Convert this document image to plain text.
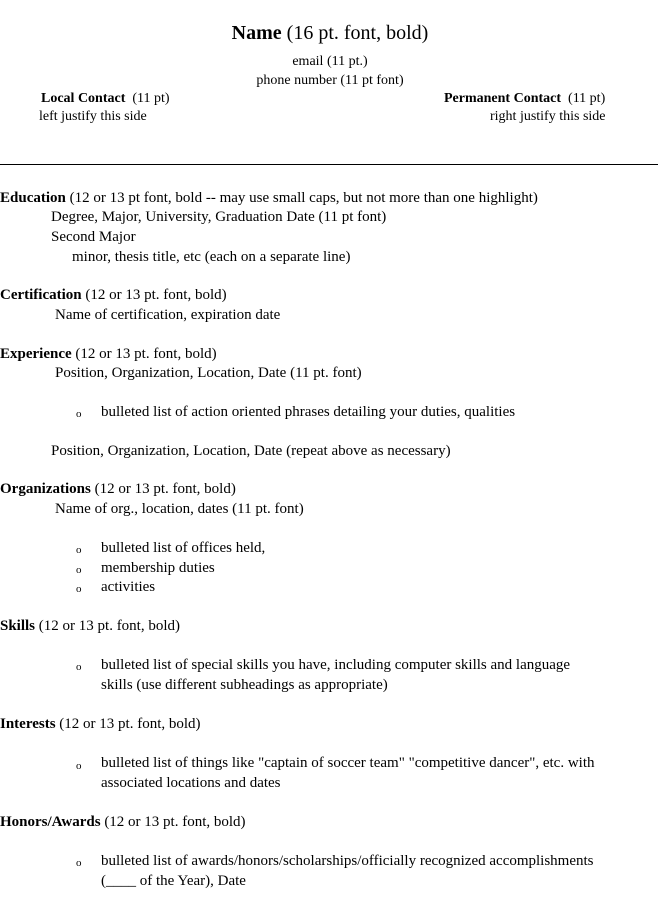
Name (16 pt. font, bold)
email (11 pt.)
phone number (11 pt font)
Local Contact (11 pt)
left justify this side
Permanent Contact (11 pt)
right justify this side
Education (12 or 13 pt font, bold -- may use small caps, but not more than one highlight)
Degree, Major, University, Graduation Date (11 pt font)
Second Major
minor, thesis title, etc (each on a separate line)
Certification (12 or 13 pt. font, bold)
Name of certification, expiration date
Experience (12 or 13 pt. font, bold)
Position, Organization, Location, Date (11 pt. font)
o bulleted list of action oriented phrases detailing your duties, qualities
Position, Organization, Location, Date (repeat above as necessary)
Organizations (12 or 13 pt. font, bold)
Name of org., location, dates (11 pt. font)
o bulleted list of offices held,
o membership duties
o activities
Skills (12 or 13 pt. font, bold)
o bulleted list of special skills you have, including computer skills and language
skills (use different subheadings as appropriate)
Interests (12 or 13 pt. font, bold)
o bulleted list of things like "captain of soccer team" "competitive dancer", etc. with
associated locations and dates
Honors/Awards (12 or 13 pt. font, bold)
o bulleted list of awards/honors/scholarships/officially recognized accomplishments
(____ of the Year), Date
